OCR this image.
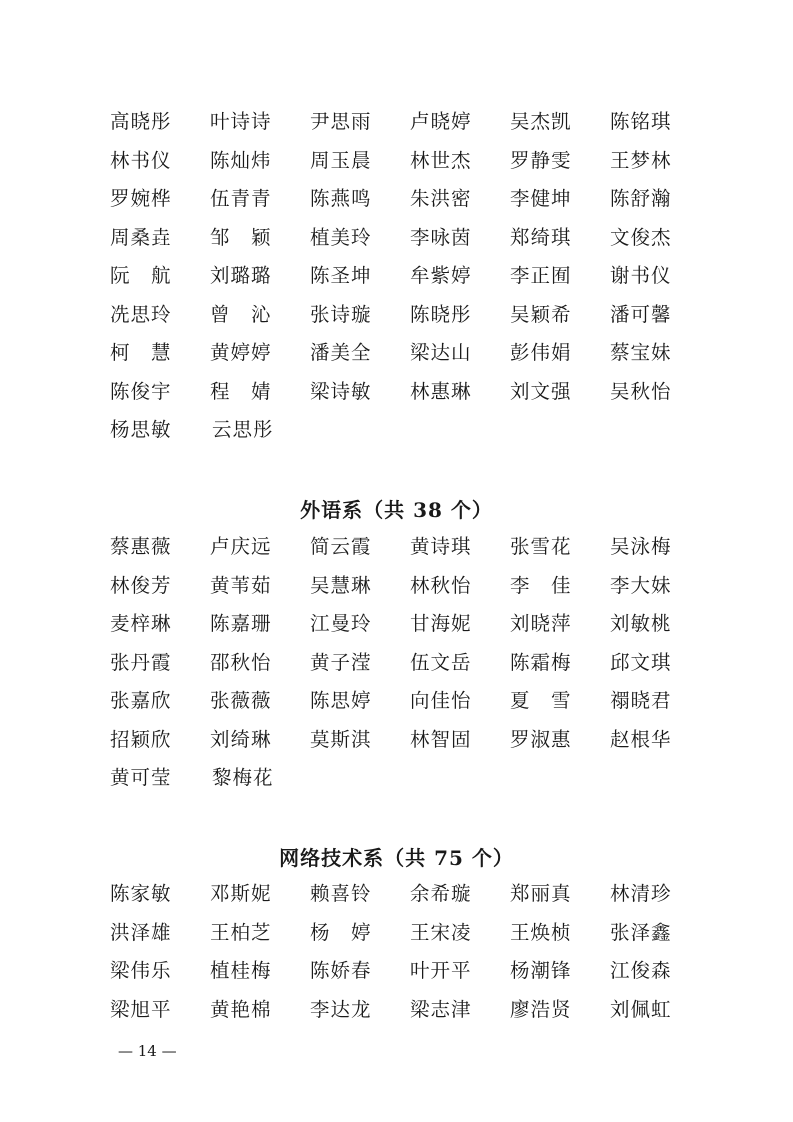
高晓彤	叶诗诗	尹思雨	卢晓婷	吴杰凯	陈铭琪
林书仪	陈灿炜	周玉晨	林世杰	罗静雯	王梦林
罗婉桦	伍青青	陈燕鸣	朱洪密	李健坤	陈舒瀚
周桑垚	邹　颖	植美玲	李咏茵	郑绮琪	文俊杰
阮　航	刘璐璐	陈圣坤	牟紫婷	李正囿	谢书仪
冼思玲	曾　沁	张诗璇	陈晓彤	吴颖希	潘可馨
柯　慧	黄婷婷	潘美全	梁达山	彭伟娟	蔡宝妹
陈俊宇	程　婧	梁诗敏	林惠琳	刘文强	吴秋怡
杨思敏	云思彤
外语系（共 38 个）
蔡惠薇	卢庆远	简云霞	黄诗琪	张雪花	吴泳梅
林俊芳	黄苇茹	吴慧琳	林秋怡	李　佳	李大妹
麦梓琳	陈嘉珊	江曼玲	甘海妮	刘晓萍	刘敏桃
张丹霞	邵秋怡	黄子滢	伍文岳	陈霜梅	邱文琪
张嘉欣	张薇薇	陈思婷	向佳怡	夏　雪	禤晓君
招颖欣	刘绮琳	莫斯淇	林智固	罗淑惠	赵根华
黄可莹	黎梅花
网络技术系（共 75 个）
陈家敏	邓斯妮	赖喜铃	余希璇	郑丽真	林清珍
洪泽雄	王柏芝	杨　婷	王宋凌	王焕桢	张泽鑫
梁伟乐	植桂梅	陈娇春	叶开平	杨潮锋	江俊森
梁旭平	黄艳棉	李达龙	梁志津	廖浩贤	刘佩虹
— 14 —
